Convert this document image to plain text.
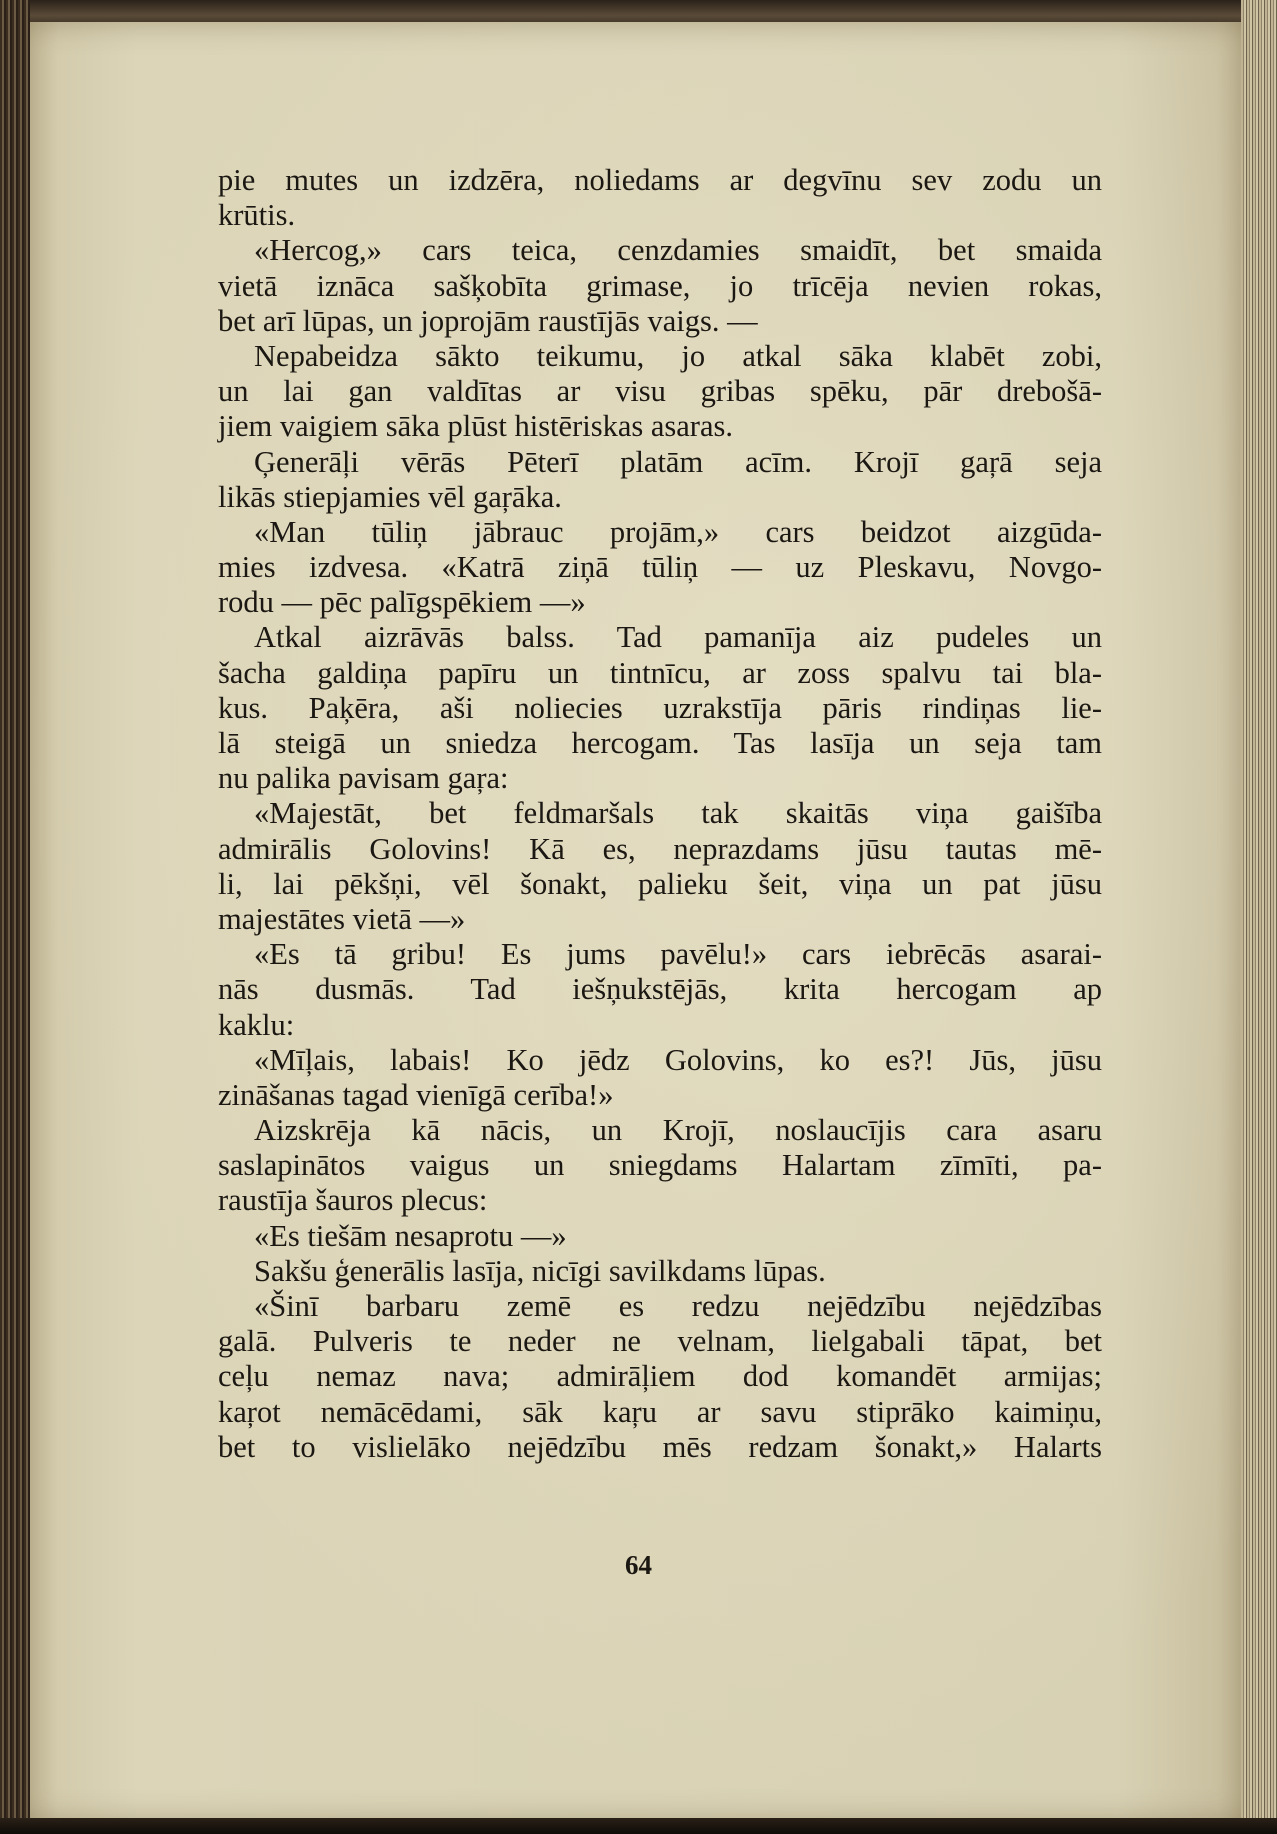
pie mutes un izdzēra, noliedams ar degvīnu sev zodu un
krūtis.
«Hercog,» cars teica, cenzdamies smaidīt, bet smaida
vietā iznāca sašķobīta grimase, jo trīcēja nevien rokas,
bet arī lūpas, un joprojām raustījās vaigs. —
Nepabeidza sākto teikumu, jo atkal sāka klabēt zobi,
un lai gan valdītas ar visu gribas spēku, pār drebošā-
jiem vaigiem sāka plūst histēriskas asaras.
Ģenerāļi vērās Pēterī platām acīm. Krojī gaŗā seja
likās stiepjamies vēl gaŗāka.
«Man tūliņ jābrauc projām,» cars beidzot aizgūda-
mies izdvesa. «Katrā ziņā tūliņ — uz Pleskavu, Novgo-
rodu — pēc palīgspēkiem —»
Atkal aizrāvās balss. Tad pamanīja aiz pudeles un
šacha galdiņa papīru un tintnīcu, ar zoss spalvu tai bla-
kus. Paķēra, aši noliecies uzrakstīja pāris rindiņas lie-
lā steigā un sniedza hercogam. Tas lasīja un seja tam
nu palika pavisam gaŗa:
«Majestāt, bet feldmaršals tak skaitās viņa gaišība
admirālis Golovins! Kā es, neprazdams jūsu tautas mē-
li, lai pēkšņi, vēl šonakt, palieku šeit, viņa un pat jūsu
majestātes vietā —»
«Es tā gribu! Es jums pavēlu!» cars iebrēcās asarai-
nās dusmās. Tad iešņukstējās, krita hercogam ap
kaklu:
«Mīļais, labais! Ko jēdz Golovins, ko es?! Jūs, jūsu
zināšanas tagad vienīgā cerība!»
Aizskrēja kā nācis, un Krojī, noslaucījis cara asaru
saslapinātos vaigus un sniegdams Halartam zīmīti, pa-
raustīja šauros plecus:
«Es tiešām nesaprotu —»
Sakšu ģenerālis lasīja, nicīgi savilkdams lūpas.
«Šinī barbaru zemē es redzu nejēdzību nejēdzības
galā. Pulveris te neder ne velnam, lielgabali tāpat, bet
ceļu nemaz nava; admirāļiem dod komandēt armijas;
kaŗot nemācēdami, sāk kaŗu ar savu stiprāko kaimiņu,
bet to vislielāko nejēdzību mēs redzam šonakt,» Halarts
64
